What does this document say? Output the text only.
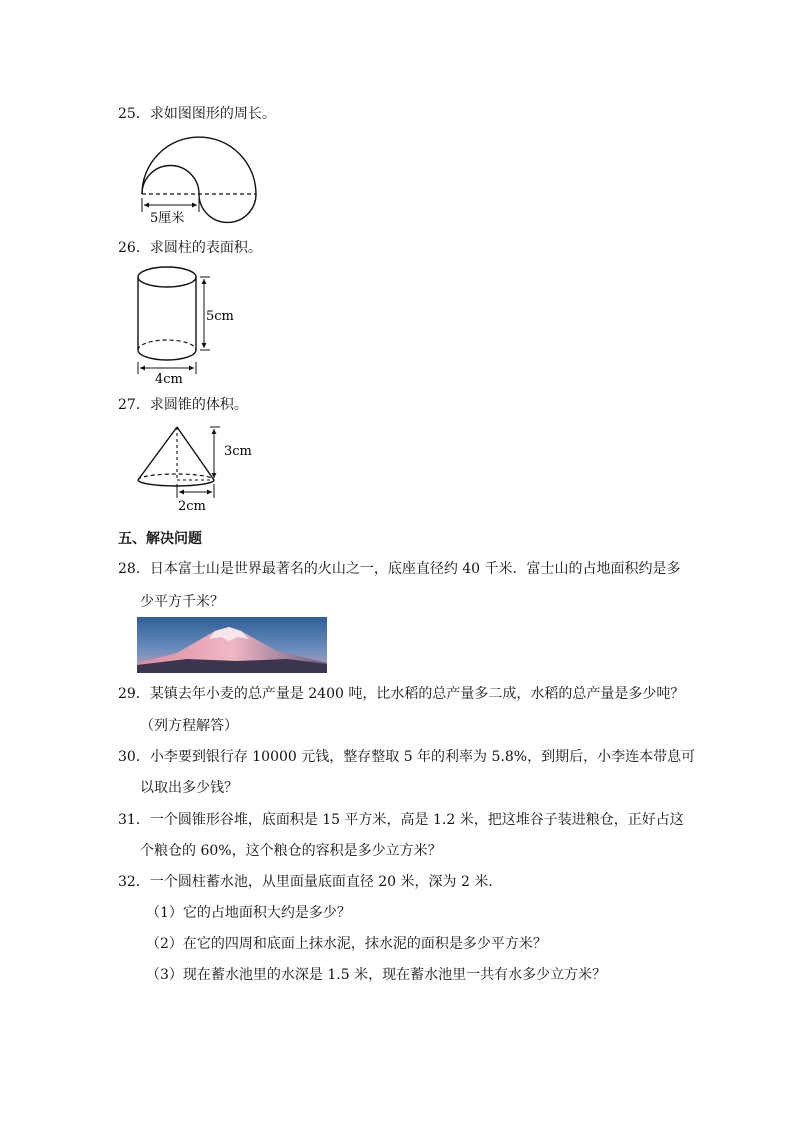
25．求如图图形的周长。
5厘米
26．求圆柱的表面积。
5cm
4cm
27．求圆锥的体积。
3cm
2cm
五、解决问题
28．日本富士山是世界最著名的火山之一，底座直径约 40 千米．富士山的占地面积约是多
少平方千米？
29．某镇去年小麦的总产量是 2400 吨，比水稻的总产量多二成，水稻的总产量是多少吨？
（列方程解答）
30．小李要到银行存 10000 元钱，整存整取 5 年的利率为 5.8%，到期后，小李连本带息可
以取出多少钱？
31．一个圆锥形谷堆，底面积是 15 平方米，高是 1.2 米，把这堆谷子装进粮仓，正好占这
个粮仓的 60%，这个粮仓的容积是多少立方米？
32．一个圆柱蓄水池，从里面量底面直径 20 米，深为 2 米．
（1）它的占地面积大约是多少？
（2）在它的四周和底面上抹水泥，抹水泥的面积是多少平方米？
（3）现在蓄水池里的水深是 1.5 米，现在蓄水池里一共有水多少立方米？
